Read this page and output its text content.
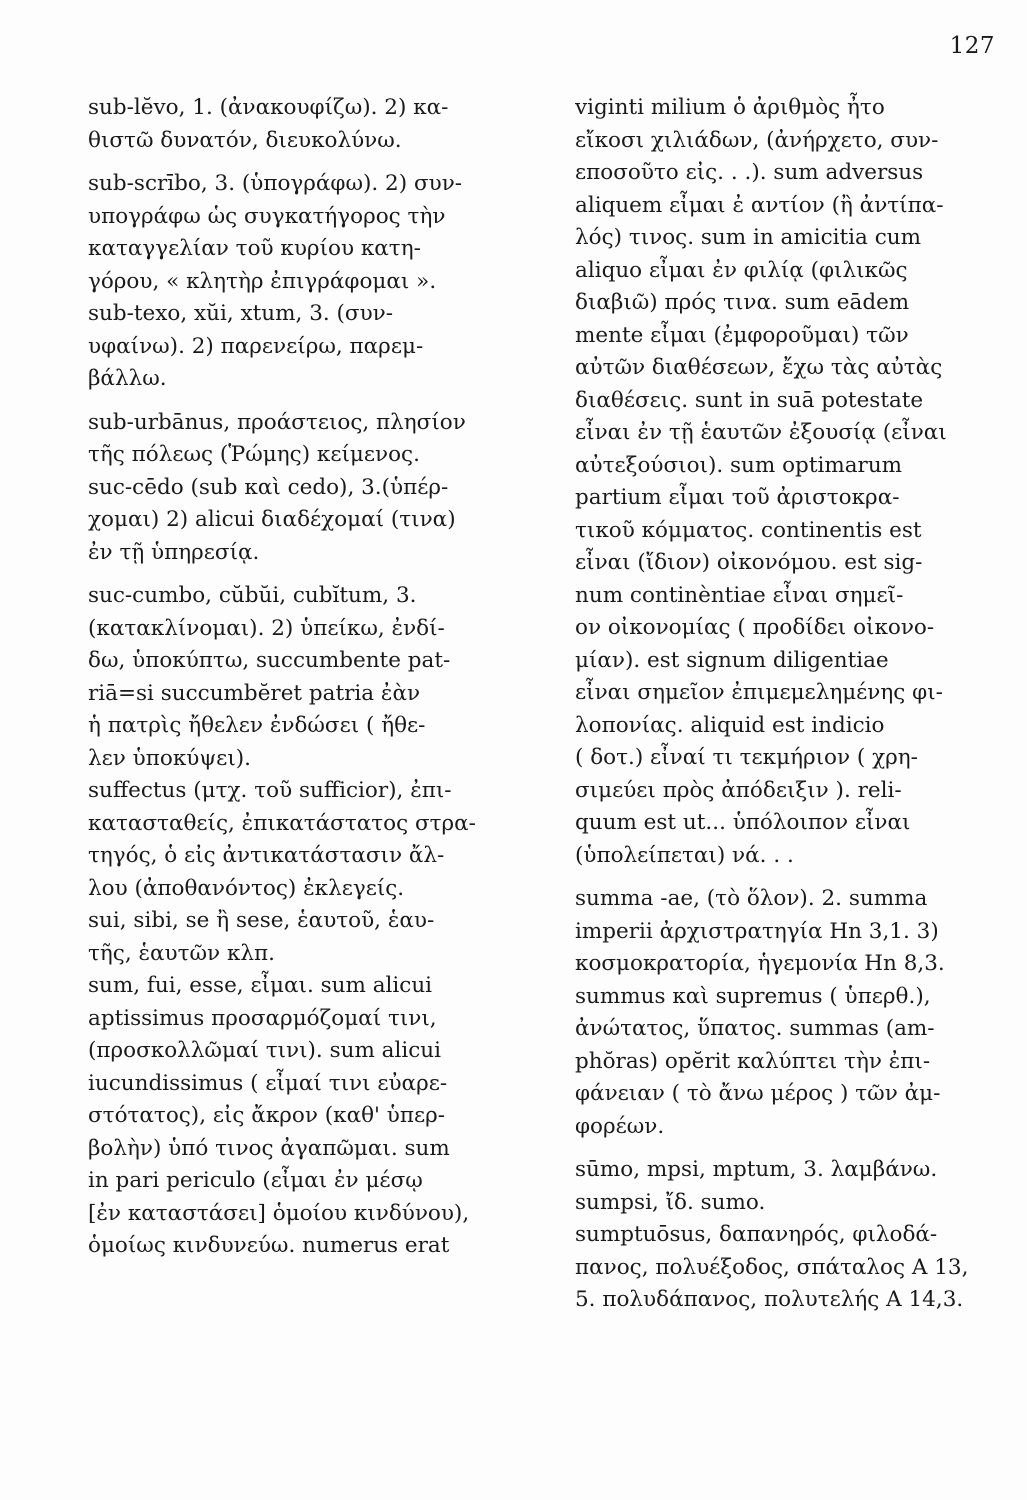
127
sub-lĕvo, 1. (ἀνακουφίζω). 2) κα-
θιστῶ δυνατόν, διευκολύνω.
sub-scrībo, 3. (ὑπογράφω). 2) συν-
υπογράφω ὡς συγκατήγορος τὴν
καταγγελίαν τοῦ κυρίου κατη-
γόρου, « κλητὴρ ἐπιγράφομαι ».
sub-texo, xŭi, xtum, 3. (συν-
υφαίνω). 2) παρενείρω, παρεμ-
βάλλω.
sub-urbānus, προάστειος, πλησίον
τῆς πόλεως (Ῥώμης) κείμενος.
suc-cēdo (sub καὶ cedo), 3.(ὑπέρ-
χομαι) 2) alicui διαδέχομαί (τινα)
ἐν τῇ ὑπηρεσίᾳ.
suc-cumbo, cŭbŭi, cubĭtum, 3.
(κατακλίνομαι). 2) ὑπείκω, ἐνδί-
δω, ὑποκύπτω, succumbente pat-
riā=si succumbĕret patria ἐὰν
ἡ πατρὶς ἤθελεν ἐνδώσει ( ἤθε-
λεν ὑποκύψει).
suffectus (μτχ. τοῦ sufficior), ἐπι-
κατασταθείς, ἐπικατάστατος στρα-
τηγός, ὁ εἰς ἀντικατάστασιν ἄλ-
λου (ἀποθανόντος) ἐκλεγείς.
sui, sibi, se ἢ sese, ἑαυτοῦ, ἑαυ-
τῆς, ἑαυτῶν κλπ.
sum, fui, esse, εἶμαι. sum alicui
aptissimus προσαρμόζομαί τινι,
(προσκολλῶμαί τινι). sum alicui
iucundissimus ( εἶμαί τινι εὐαρε-
στότατος), εἰς ἄκρον (καθ' ὑπερ-
βολὴν) ὑπό τινος ἀγαπῶμαι. sum
in pari periculo (εἶμαι ἐν μέσῳ
[ἐν καταστάσει] ὁμοίου κινδύνου),
ὁμοίως κινδυνεύω. numerus erat
viginti milium ὁ ἀριθμὸς ἦτο
εἴκοσι χιλιάδων, (ἀνήρχετο, συν-
εποσοῦτο εἰς. . .). sum adversus
aliquem εἶμαι ἐ αντίον (ἢ ἀντίπα-
λός) τινος. sum in amicitia cum
aliquo εἶμαι ἐν φιλίᾳ (φιλικῶς
διαβιῶ) πρός τινα. sum eādem
mente εἶμαι (ἐμφοροῦμαι) τῶν
αὐτῶν διαθέσεων, ἔχω τὰς αὐτὰς
διαθέσεις. sunt in suā potestate
εἶναι ἐν τῇ ἑαυτῶν ἐξουσίᾳ (εἶναι
αὐτεξούσιοι). sum optimarum
partium εἶμαι τοῦ ἀριστοκρα-
τικοῦ κόμματος. continentis est
εἶναι (ἴδιον) οἰκονόμου. est sig-
num continèntiae εἶναι σημεῖ-
ον οἰκονομίας ( προδίδει οἰκονο-
μίαν). est signum diligentiae
εἶναι σημεῖον ἐπιμεμελημένης φι-
λοπονίας. aliquid est indicio
( δοτ.) εἶναί τι τεκμήριον ( χρη-
σιμεύει πρὸς ἀπόδειξιν ). reli-
quum est ut... ὑπόλοιπον εἶναι
(ὑπολείπεται) νά. . .
summa -ae, (τὸ ὅλον). 2. summa
imperii ἀρχιστρατηγία Hn 3,1. 3)
κοσμοκρατορία, ἡγεμονία Hn 8,3.
summus καὶ supremus ( ὑπερθ.),
ἀνώτατος, ὕπατος. summas (am-
phŏras) opĕrit καλύπτει τὴν ἐπι-
φάνειαν ( τὸ ἄνω μέρος ) τῶν ἀμ-
φορέων.
sūmo, mpsi, mptum, 3. λαμβάνω.
sumpsi, ἴδ. sumo.
sumptuōsus, δαπανηρός, φιλοδά-
πανος, πολυέξοδος, σπάταλος A 13,
5. πολυδάπανος, πολυτελής A 14,3.
